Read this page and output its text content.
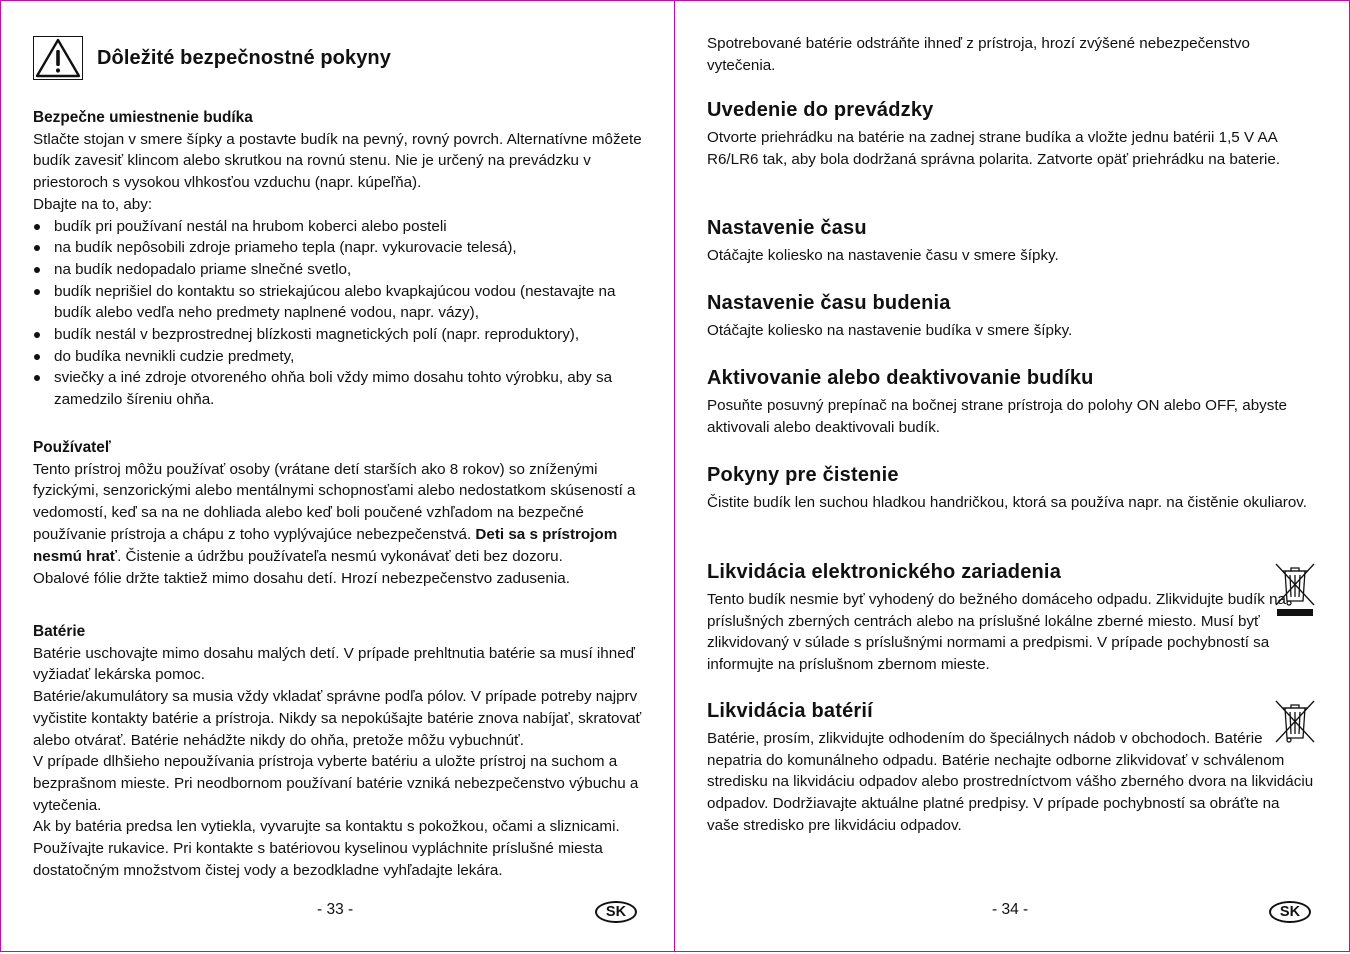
Dôležité bezpečnostné pokyny
Bezpečne umiestnenie budíka

Stlačte stojan v smere šípky a postavte budík na pevný, rovný povrch. Alternatívne môžete budík zavesiť klincom alebo skrutkou na rovnú stenu. Nie je určený na prevádzku v priestoroch s vysokou vlhkosťou vzduchu (napr. kúpeľňa).

Dbajte na to, aby:

budík pri používaní nestál na hrubom koberci alebo posteli
na budík nepôsobili zdroje priameho tepla (napr. vykurovacie telesá),
na budík nedopadalo priame slnečné svetlo,
budík neprišiel do kontaktu so striekajúcou alebo kvapkajúcou vodou (nestavajte na budík alebo vedľa neho predmety naplnené vodou, napr. vázy),
budík nestál v bezprostrednej blízkosti magnetických polí (napr. reproduktory),
do budíka nevnikli cudzie predmety,
sviečky a iné zdroje otvoreného ohňa boli vždy mimo dosahu tohto výrobku, aby sa zamedzilo šíreniu ohňa.
Používateľ

Tento prístroj môžu používať osoby (vrátane detí starších ako 8 rokov) so zníženými fyzickými, senzorickými alebo mentálnymi schopnosťami alebo nedostatkom skúseností a vedomostí, keď sa na ne dohliada alebo keď boli poučené vzhľadom na bezpečné používanie prístroja a chápu z toho vyplývajúce nebezpečenstvá. Deti sa s prístrojom nesmú hrať. Čistenie a údržbu používateľa nesmú vykonávať deti bez dozoru.

Obalové fólie držte taktiež mimo dosahu detí. Hrozí nebezpečenstvo zadusenia.

Batérie

Batérie uschovajte mimo dosahu malých detí. V prípade prehltnutia batérie sa musí ihneď vyžiadať lekárska pomoc.

Batérie/akumulátory sa musia vždy vkladať správne podľa pólov. V prípade potreby najprv vyčistite kontakty batérie a prístroja. Nikdy sa nepokúšajte batérie znova nabíjať, skratovať alebo otvárať. Batérie nehádžte nikdy do ohňa, pretože môžu vybuchnúť.

V prípade dlhšieho nepoužívania prístroja vyberte batériu a uložte prístroj na suchom a bezprašnom mieste. Pri neodbornom používaní batérie vzniká nebezpečenstvo výbuchu a vytečenia.

Ak by batéria predsa len vytiekla, vyvarujte sa kontaktu s pokožkou, očami a sliznicami. Používajte rukavice. Pri kontakte s batériovou kyselinou vypláchnite príslušné miesta dostatočným množstvom čistej vody a bezodkladne vyhľadajte lekára.

- 33 -	SK
Spotrebované batérie odstráňte ihneď z prístroja, hrozí zvýšené nebezpečenstvo vytečenia.
Uvedenie do prevádzky

Otvorte priehrádku na batérie na zadnej strane budíka a vložte jednu batérii 1,5 V AA R6/LR6 tak, aby bola dodržaná správna polarita. Zatvorte opäť priehrádku na baterie.

Nastavenie času

Otáčajte koliesko na nastavenie času v smere šípky.

Nastavenie času budenia

Otáčajte koliesko na nastavenie budíka v smere šípky.

Aktivovanie alebo deaktivovanie budíku

Posuňte posuvný prepínač na bočnej strane prístroja do polohy ON alebo OFF, abyste aktivovali alebo deaktivovali budík.

Pokyny pre čistenie

Čistite budík len suchou hladkou handričkou, ktorá sa používa napr. na čistěnie okuliarov.

Likvidácia elektronického zariadenia

Tento budík nesmie byť vyhodený do bežného domáceho odpadu. Zlikvidujte budík na príslušných zberných centrách alebo na príslušné lokálne zberné miesto. Musí byť zlikvidovaný v súlade s príslušnými normami a predpismi. V prípade pochybností sa informujte na príslušnom zbernom mieste.

Likvidácia batérií

Batérie, prosím, zlikvidujte odhodením do špeciálnych nádob v obchodoch. Batérie nepatria do komunálneho odpadu. Batérie nechajte odborne zlikvidovať v schválenom stredisku na likvidáciu odpadov alebo prostredníctvom vášho zberného dvora na likvidáciu odpadov. Dodržiavajte aktuálne platné predpisy. V prípade pochybností sa obráťte na vaše stredisko pre likvidáciu odpadov.

- 34 -	SK
